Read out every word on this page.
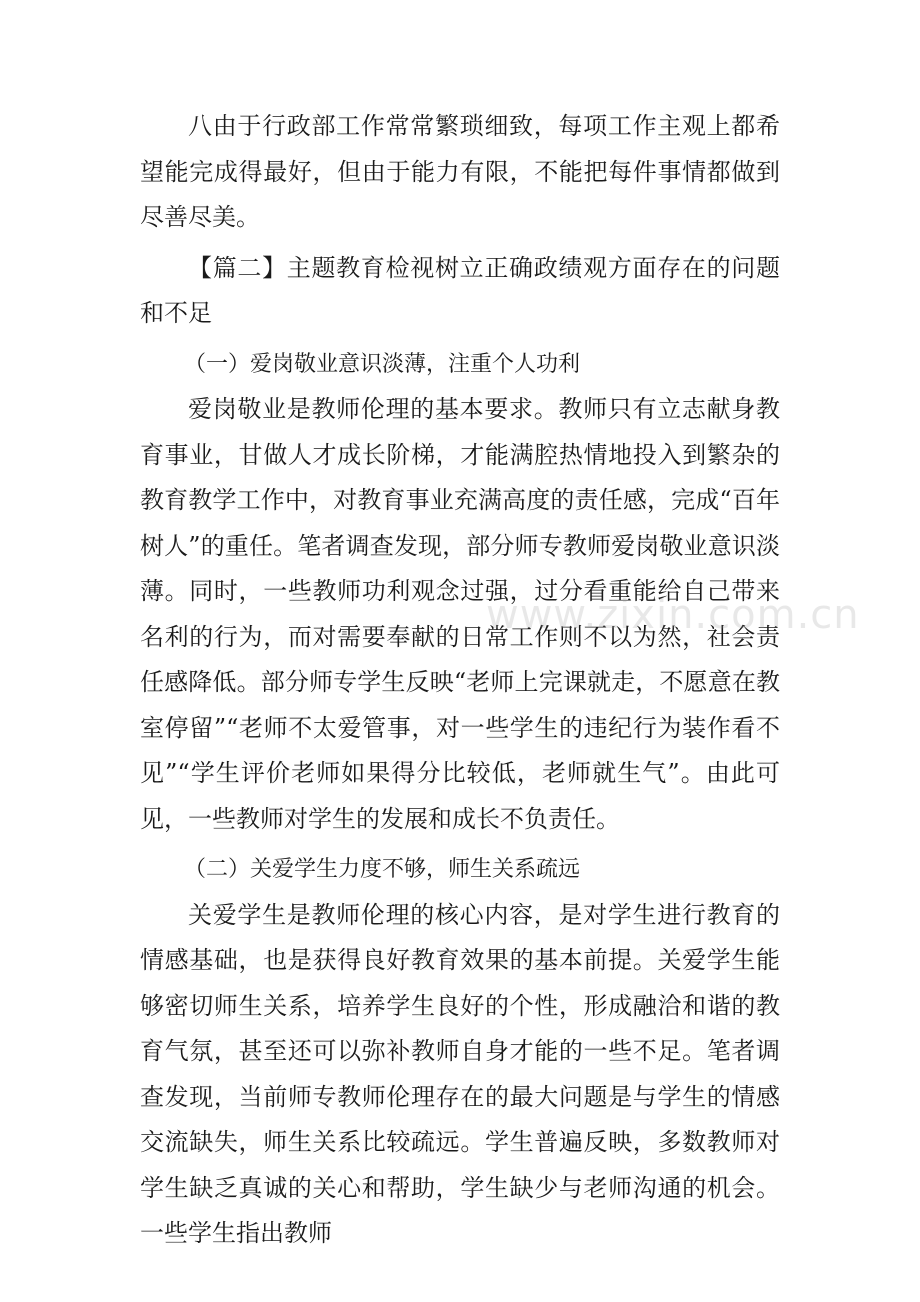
八由于行政部工作常常繁琐细致，每项工作主观上都希望能完成得最好，但由于能力有限，不能把每件事情都做到尽善尽美。

【篇二】主题教育检视树立正确政绩观方面存在的问题和不足

（一）爱岗敬业意识淡薄，注重个人功利

爱岗敬业是教师伦理的基本要求。教师只有立志献身教育事业，甘做人才成长阶梯，才能满腔热情地投入到繁杂的教育教学工作中，对教育事业充满高度的责任感，完成“百年树人”的重任。笔者调查发现，部分师专教师爱岗敬业意识淡薄。同时，一些教师功利观念过强，过分看重能给自己带来名利的行为，而对需要奉献的日常工作则不以为然，社会责任感降低。部分师专学生反映“老师上完课就走，不愿意在教室停留”“老师不太爱管事，对一些学生的违纪行为装作看不见”“学生评价老师如果得分比较低，老师就生气”。由此可见，一些教师对学生的发展和成长不负责任。

（二）关爱学生力度不够，师生关系疏远

关爱学生是教师伦理的核心内容，是对学生进行教育的情感基础，也是获得良好教育效果的基本前提。关爱学生能够密切师生关系，培养学生良好的个性，形成融洽和谐的教育气氛，甚至还可以弥补教师自身才能的一些不足。笔者调查发现，当前师专教师伦理存在的最大问题是与学生的情感交流缺失，师生关系比较疏远。学生普遍反映，多数教师对学生缺乏真诚的关心和帮助，学生缺少与老师沟通的机会。一些学生指出教师

www.zixin.com.cn
